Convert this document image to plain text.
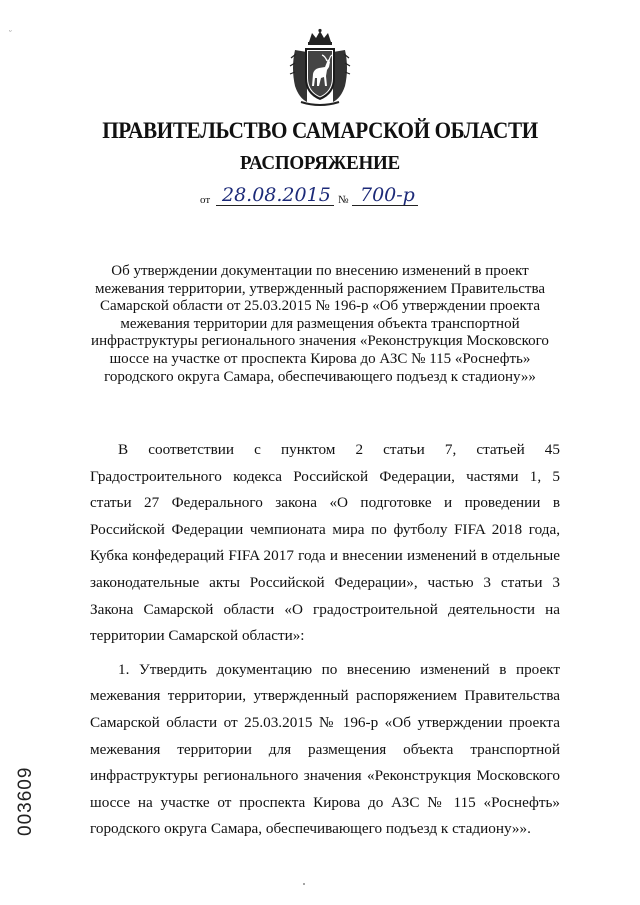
ᵕ
ПРАВИТЕЛЬСТВО САМАРСКОЙ ОБЛАСТИ
РАСПОРЯЖЕНИЕ
от 28.08.2015 № 700-р
Об утверждении документации по внесению изменений в проект межевания территории, утвержденный распоряжением Правительства Самарской области от 25.03.2015 № 196-р «Об утверждении проекта межевания территории для размещения объекта транспортной инфраструктуры регионального значения «Реконструкция Московского шоссе на участке от проспекта Кирова до АЗС № 115 «Роснефть» городского округа Самара, обеспечивающего подъезд к стадиону»»

В соответствии с пунктом 2 статьи 7, статьей 45 Градостроительного кодекса Российской Федерации, частями 1, 5 статьи 27 Федерального закона «О подготовке и проведении в Российской Федерации чемпионата мира по футболу FIFA 2018 года, Кубка конфедераций FIFA 2017 года и внесении изменений в отдельные законодательные акты Российской Федерации», частью 3 статьи 3 Закона Самарской области «О градостроительной деятельности на территории Самарской области»:

1. Утвердить документацию по внесению изменений в проект межевания территории, утвержденный распоряжением Правительства Самарской области от 25.03.2015 № 196-р «Об утверждении проекта межевания территории для размещения объекта транспортной инфраструктуры регионального значения «Реконструкция Московского шоссе на участке от проспекта Кирова до АЗС № 115 «Роснефть» городского округа Самара, обеспечивающего подъезд к стадиону»».

003609
